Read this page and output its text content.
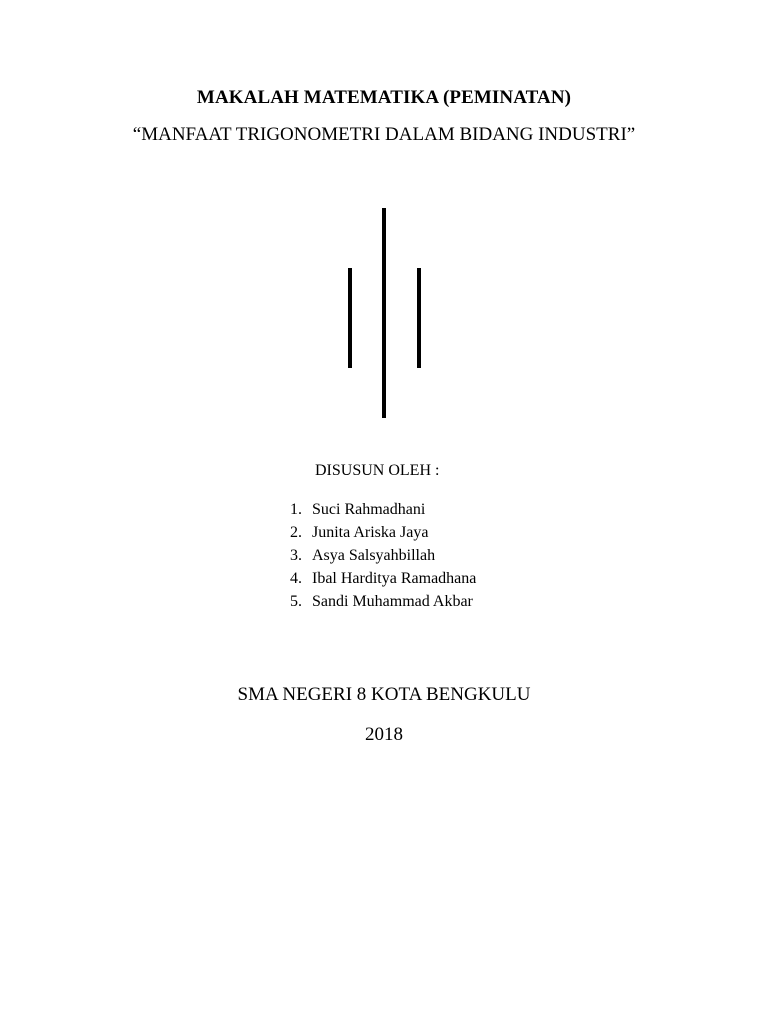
MAKALAH MATEMATIKA (PEMINATAN)
“MANFAAT TRIGONOMETRI DALAM BIDANG INDUSTRI”
DISUSUN OLEH :
1. Suci Rahmadhani
2. Junita Ariska Jaya
3. Asya Salsyahbillah
4. Ibal Harditya Ramadhana
5. Sandi Muhammad Akbar
SMA NEGERI 8 KOTA BENGKULU
2018
